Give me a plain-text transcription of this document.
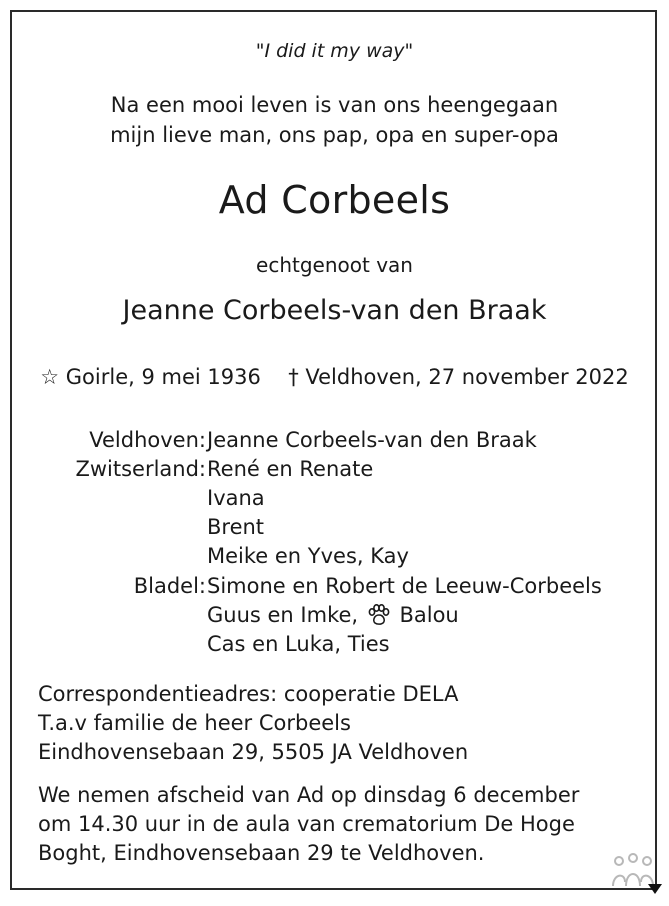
"I did it my way"
Na een mooi leven is van ons heengegaan
mijn lieve man, ons pap, opa en super-opa
Ad Corbeels
echtgenoot van
Jeanne Corbeels-van den Braak
☆ Goirle, 9 mei 1936 † Veldhoven, 27 november 2022
Veldhoven: Jeanne Corbeels-van den Braak
Zwitserland: René en Renate
Ivana
Brent
Meike en Yves, Kay
Bladel: Simone en Robert de Leeuw-Corbeels
Guus en Imke, Balou
Cas en Luka, Ties
Correspondentieadres: cooperatie DELA
T.a.v familie de heer Corbeels
Eindhovensebaan 29, 5505 JA Veldhoven
We nemen afscheid van Ad op dinsdag 6 december
om 14.30 uur in de aula van crematorium De Hoge
Boght, Eindhovensebaan 29 te Veldhoven.
